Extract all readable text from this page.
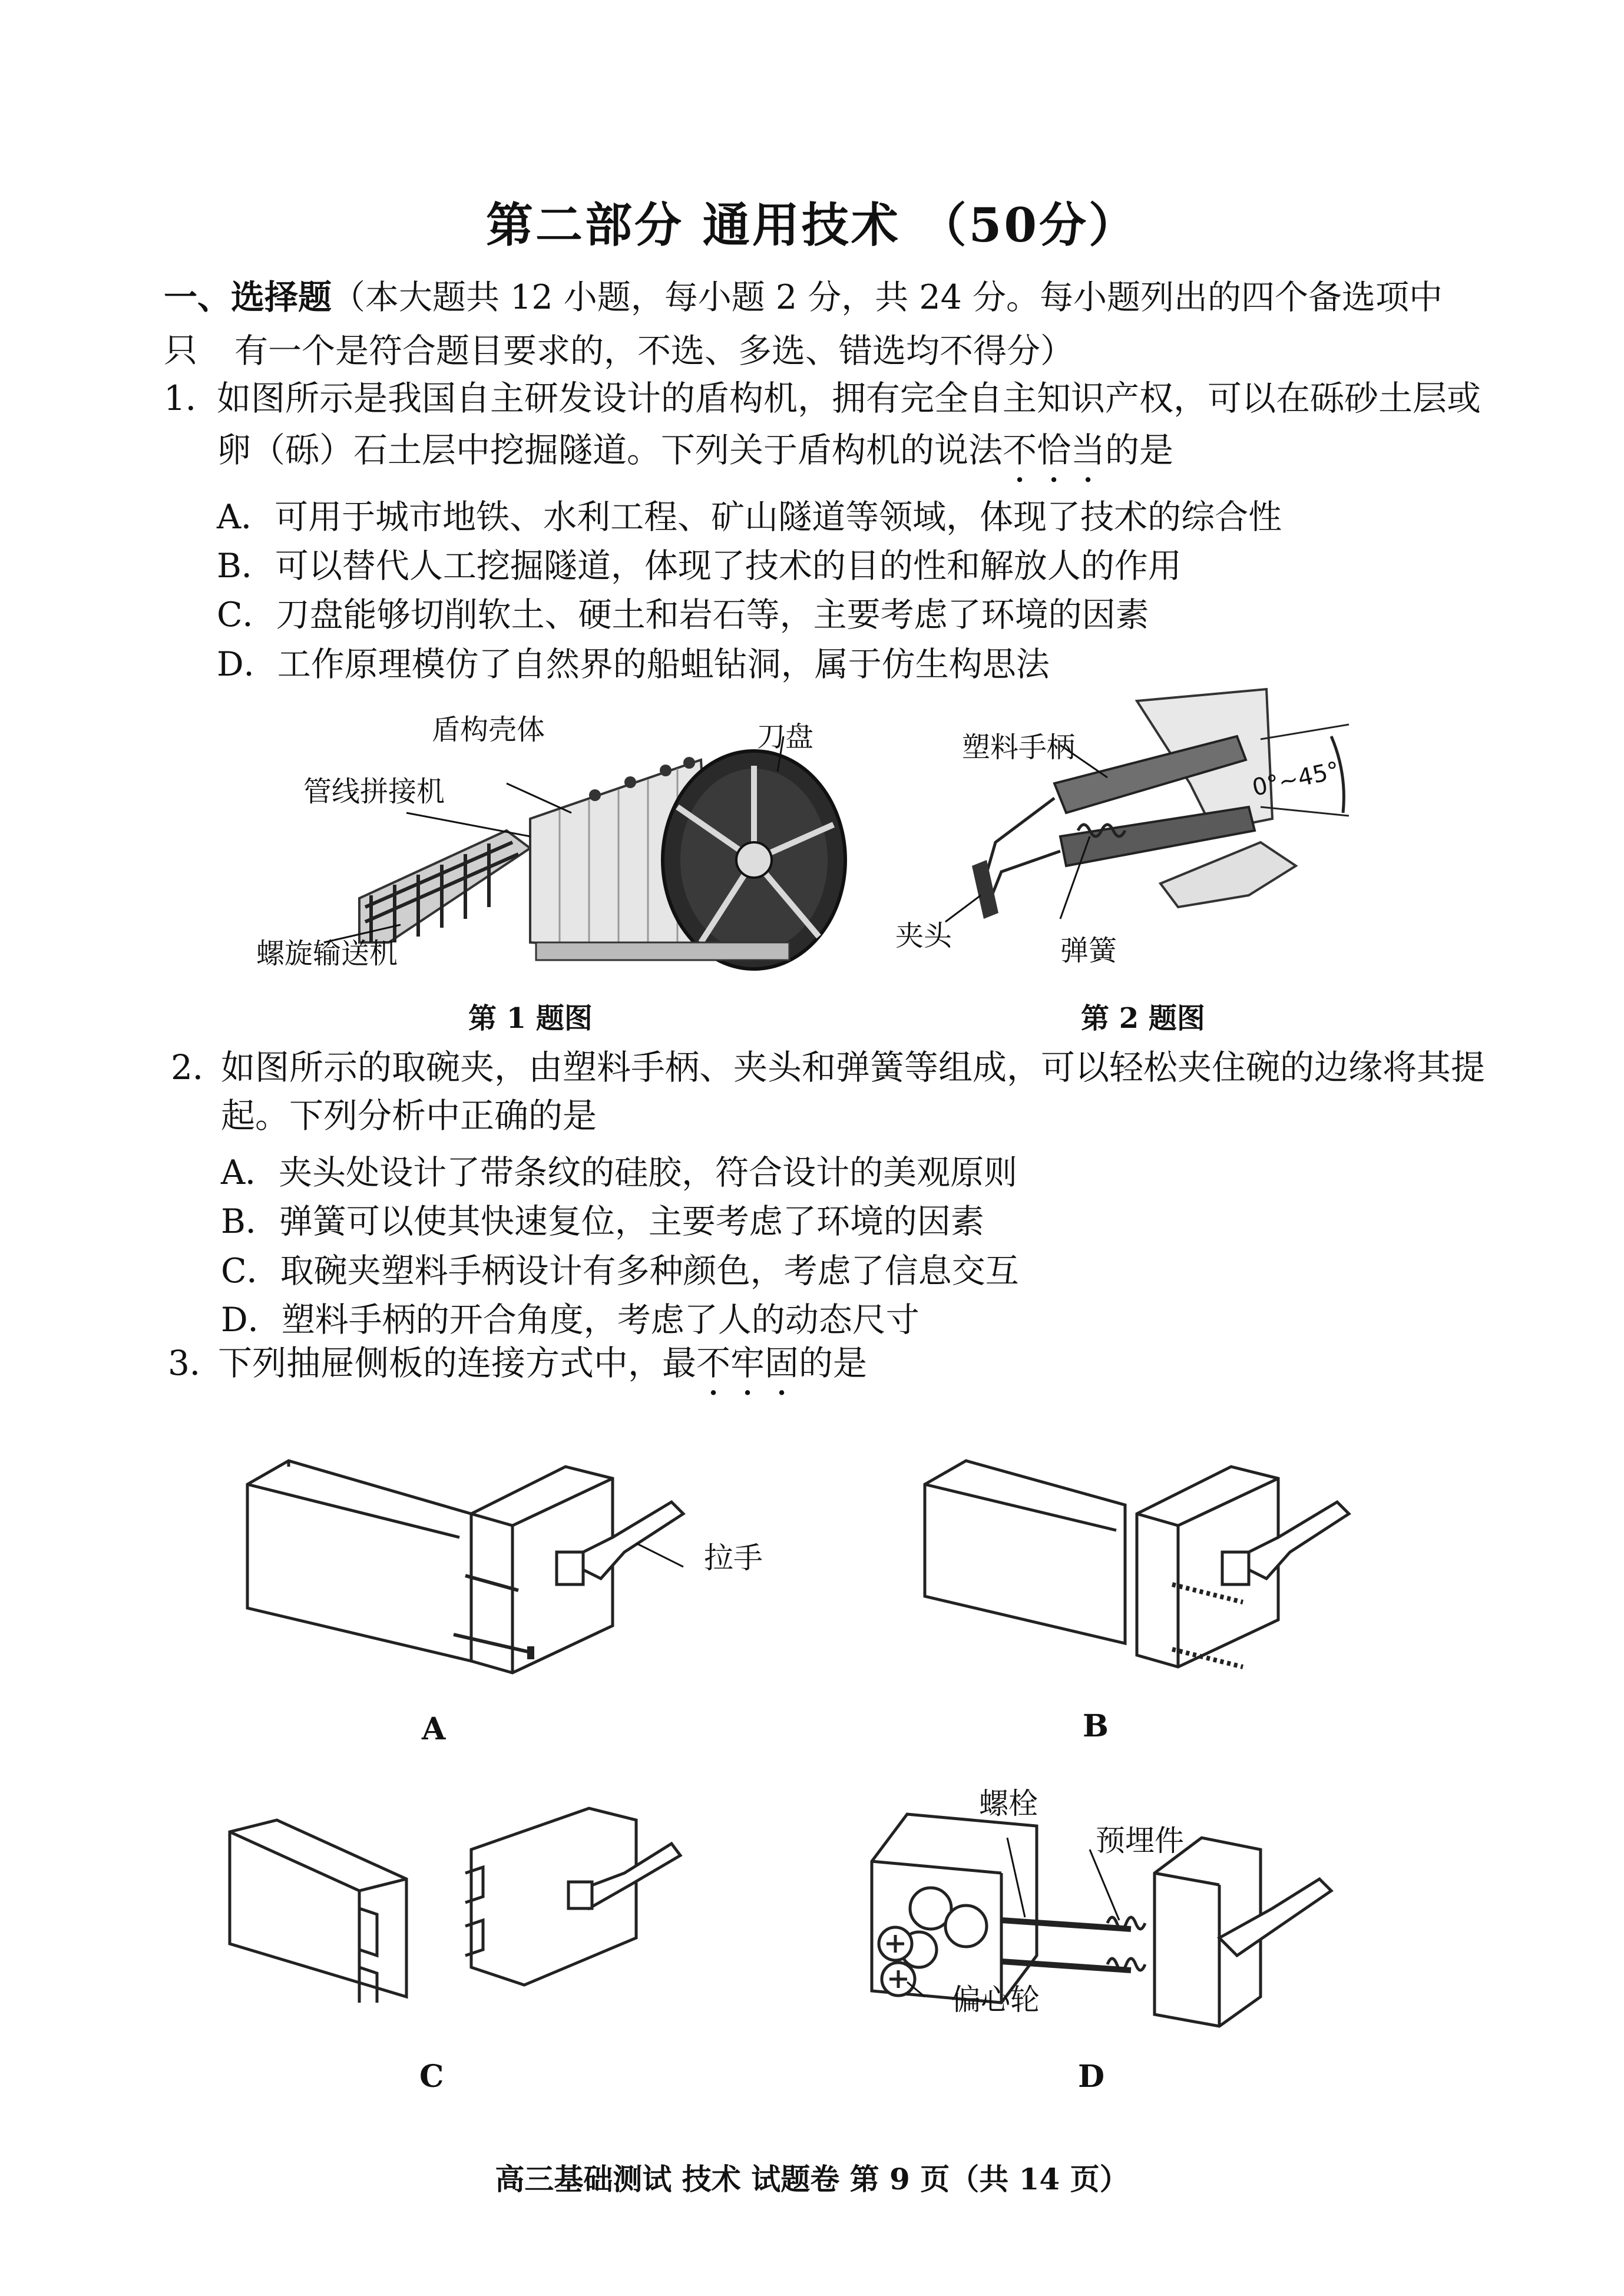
第二部分 通用技术 （50分）
一、选择题（本大题共 12 小题，每小题 2 分，共 24 分。每小题列出的四个备选项中只	有一个是符合题目要求的，不选、多选、错选均不得分）
1．
如图所示是我国自主研发设计的盾构机，拥有完全自主知识产权，可以在砾砂土层或
卵（砾）石土层中挖掘隧道。下列关于盾构机的说法不恰当的是
A．可用于城市地铁、水利工程、矿山隧道等领域，体现了技术的综合性
B．可以替代人工挖掘隧道，体现了技术的目的性和解放人的作用
C．刀盘能够切削软土、硬土和岩石等，主要考虑了环境的因素
D．工作原理模仿了自然界的船蛆钻洞，属于仿生构思法
盾构壳体	刀盘
管线拼接机
螺旋输送机
第 1 题图
塑料手柄
0°~45°
夹头	弹簧
第 2 题图
2．
如图所示的取碗夹，由塑料手柄、夹头和弹簧等组成，可以轻松夹住碗的边缘将其提
起。下列分析中正确的是
A．夹头处设计了带条纹的硅胶，符合设计的美观原则
B．弹簧可以使其快速复位，主要考虑了环境的因素
C．取碗夹塑料手柄设计有多种颜色，考虑了信息交互
D．塑料手柄的开合角度，考虑了人的动态尺寸
3．
下列抽屉侧板的连接方式中，最不牢固的是
拉手
A	B
C
螺栓
预埋件
偏心轮
D
高三基础测试 技术 试题卷 第 9 页（共 14 页）
